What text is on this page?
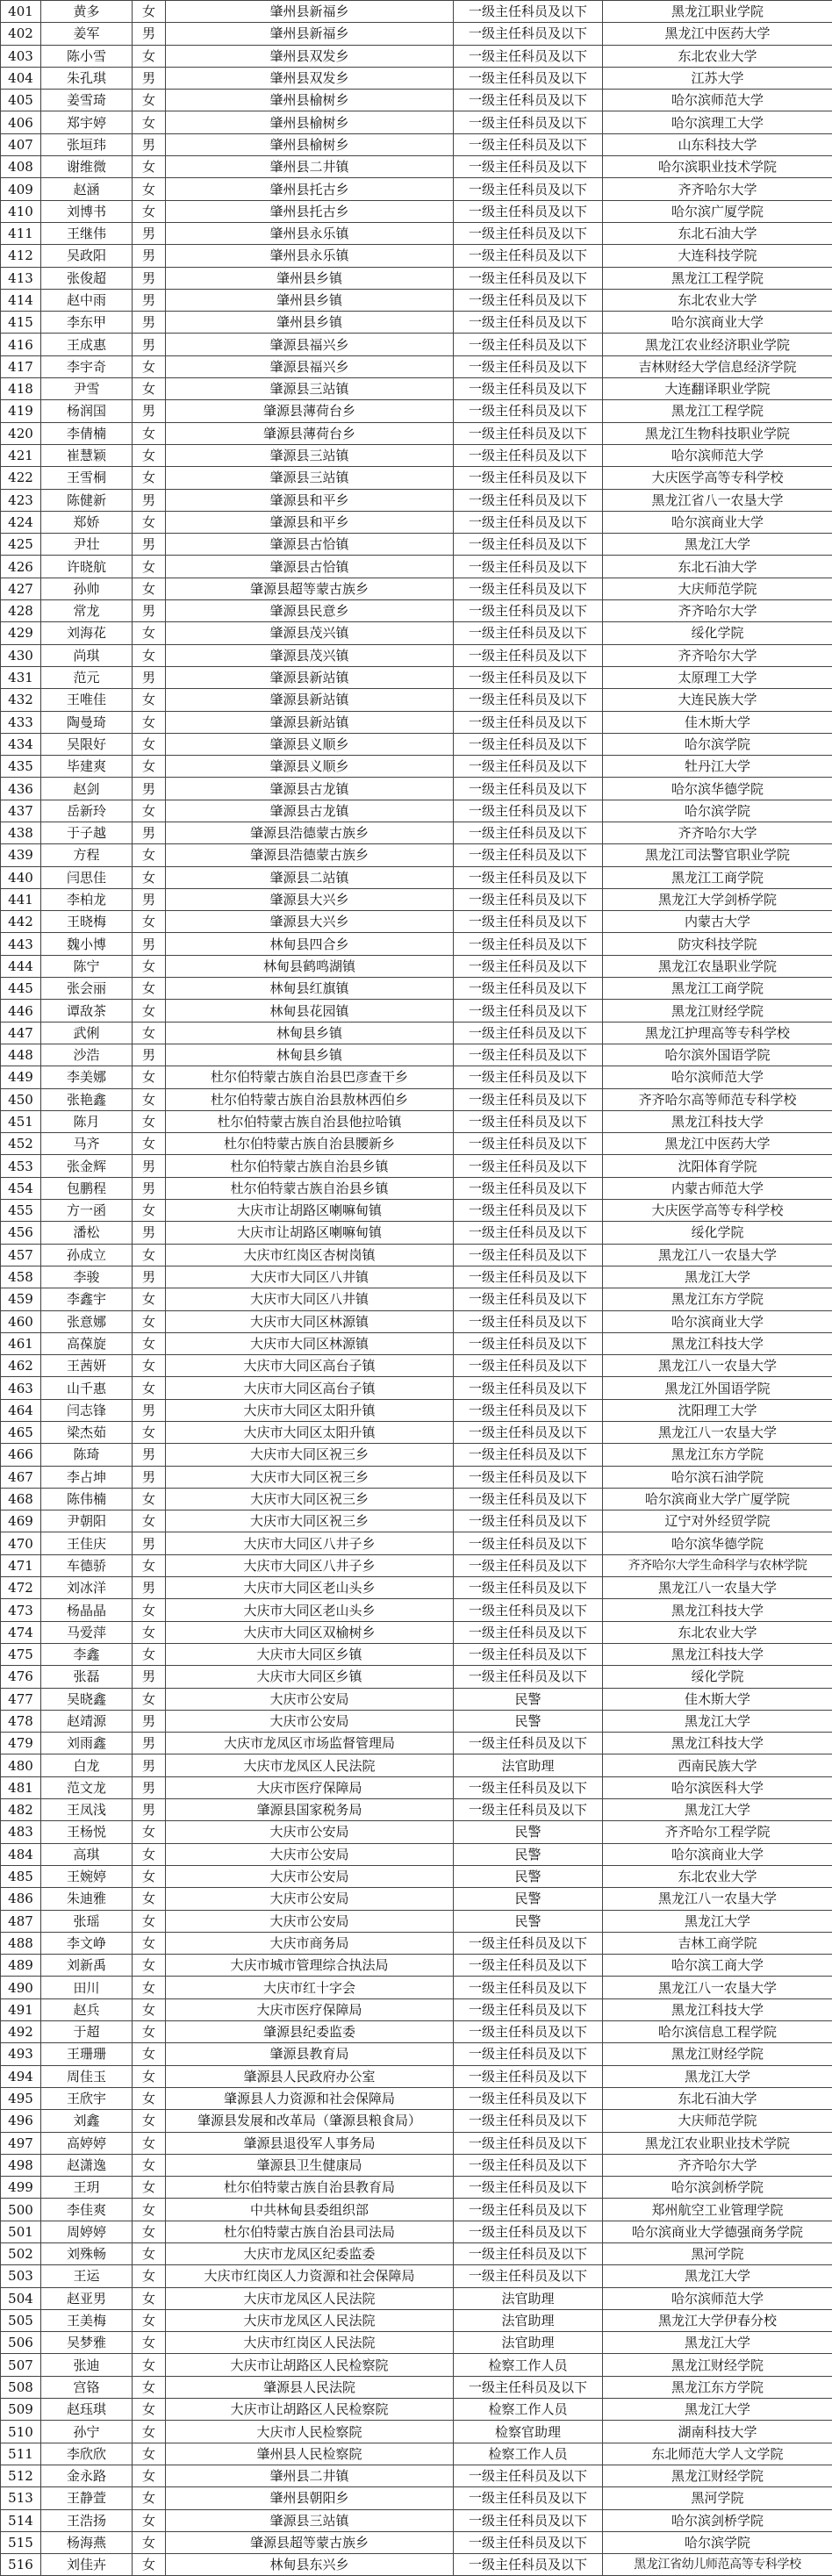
401	黄多	女	肇州县新福乡	一级主任科员及以下	黑龙江职业学院
402	姜军	男	肇州县新福乡	一级主任科员及以下	黑龙江中医药大学
403	陈小雪	女	肇州县双发乡	一级主任科员及以下	东北农业大学
404	朱孔琪	男	肇州县双发乡	一级主任科员及以下	江苏大学
405	姜雪琦	女	肇州县榆树乡	一级主任科员及以下	哈尔滨师范大学
406	郑宇婷	女	肇州县榆树乡	一级主任科员及以下	哈尔滨理工大学
407	张垣玮	男	肇州县榆树乡	一级主任科员及以下	山东科技大学
408	谢维微	女	肇州县二井镇	一级主任科员及以下	哈尔滨职业技术学院
409	赵涵	女	肇州县托古乡	一级主任科员及以下	齐齐哈尔大学
410	刘博书	女	肇州县托古乡	一级主任科员及以下	哈尔滨广厦学院
411	王继伟	男	肇州县永乐镇	一级主任科员及以下	东北石油大学
412	吴政阳	男	肇州县永乐镇	一级主任科员及以下	大连科技学院
413	张俊超	男	肇州县乡镇	一级主任科员及以下	黑龙江工程学院
414	赵中雨	男	肇州县乡镇	一级主任科员及以下	东北农业大学
415	李东甲	男	肇州县乡镇	一级主任科员及以下	哈尔滨商业大学
416	王成惠	男	肇源县福兴乡	一级主任科员及以下	黑龙江农业经济职业学院
417	李宇奇	女	肇源县福兴乡	一级主任科员及以下	吉林财经大学信息经济学院
418	尹雪	女	肇源县三站镇	一级主任科员及以下	大连翻译职业学院
419	杨润国	男	肇源县薄荷台乡	一级主任科员及以下	黑龙江工程学院
420	李倩楠	女	肇源县薄荷台乡	一级主任科员及以下	黑龙江生物科技职业学院
421	崔慧颖	女	肇源县三站镇	一级主任科员及以下	哈尔滨师范大学
422	王雪桐	女	肇源县三站镇	一级主任科员及以下	大庆医学高等专科学校
423	陈健新	男	肇源县和平乡	一级主任科员及以下	黑龙江省八一农垦大学
424	郑娇	女	肇源县和平乡	一级主任科员及以下	哈尔滨商业大学
425	尹壮	男	肇源县古恰镇	一级主任科员及以下	黑龙江大学
426	许晓航	女	肇源县古恰镇	一级主任科员及以下	东北石油大学
427	孙帅	女	肇源县超等蒙古族乡	一级主任科员及以下	大庆师范学院
428	常龙	男	肇源县民意乡	一级主任科员及以下	齐齐哈尔大学
429	刘海花	女	肇源县茂兴镇	一级主任科员及以下	绥化学院
430	尚琪	女	肇源县茂兴镇	一级主任科员及以下	齐齐哈尔大学
431	范元	男	肇源县新站镇	一级主任科员及以下	太原理工大学
432	王唯佳	女	肇源县新站镇	一级主任科员及以下	大连民族大学
433	陶曼琦	女	肇源县新站镇	一级主任科员及以下	佳木斯大学
434	吴限好	女	肇源县义顺乡	一级主任科员及以下	哈尔滨学院
435	毕建爽	女	肇源县义顺乡	一级主任科员及以下	牡丹江大学
436	赵剑	男	肇源县古龙镇	一级主任科员及以下	哈尔滨华德学院
437	岳新玲	女	肇源县古龙镇	一级主任科员及以下	哈尔滨学院
438	于子越	男	肇源县浩德蒙古族乡	一级主任科员及以下	齐齐哈尔大学
439	方程	女	肇源县浩德蒙古族乡	一级主任科员及以下	黑龙江司法警官职业学院
440	闫思佳	女	肇源县二站镇	一级主任科员及以下	黑龙江工商学院
441	李柏龙	男	肇源县大兴乡	一级主任科员及以下	黑龙江大学剑桥学院
442	王晓梅	女	肇源县大兴乡	一级主任科员及以下	内蒙古大学
443	魏小博	男	林甸县四合乡	一级主任科员及以下	防灾科技学院
444	陈宁	女	林甸县鹤鸣湖镇	一级主任科员及以下	黑龙江农垦职业学院
445	张会丽	女	林甸县红旗镇	一级主任科员及以下	黑龙江工商学院
446	谭敌茶	女	林甸县花园镇	一级主任科员及以下	黑龙江财经学院
447	武俐	女	林甸县乡镇	一级主任科员及以下	黑龙江护理高等专科学校
448	沙浩	男	林甸县乡镇	一级主任科员及以下	哈尔滨外国语学院
449	李美娜	女	杜尔伯特蒙古族自治县巴彦查干乡	一级主任科员及以下	哈尔滨师范大学
450	张艳鑫	女	杜尔伯特蒙古族自治县敖林西伯乡	一级主任科员及以下	齐齐哈尔高等师范专科学校
451	陈月	女	杜尔伯特蒙古族自治县他拉哈镇	一级主任科员及以下	黑龙江科技大学
452	马齐	女	杜尔伯特蒙古族自治县腰新乡	一级主任科员及以下	黑龙江中医药大学
453	张金辉	男	杜尔伯特蒙古族自治县乡镇	一级主任科员及以下	沈阳体育学院
454	包鹏程	男	杜尔伯特蒙古族自治县乡镇	一级主任科员及以下	内蒙古师范大学
455	方一函	女	大庆市让胡路区喇嘛甸镇	一级主任科员及以下	大庆医学高等专科学校
456	潘松	男	大庆市让胡路区喇嘛甸镇	一级主任科员及以下	绥化学院
457	孙成立	女	大庆市红岗区杏树岗镇	一级主任科员及以下	黑龙江八一农垦大学
458	李骏	男	大庆市大同区八井镇	一级主任科员及以下	黑龙江大学
459	李鑫宇	女	大庆市大同区八井镇	一级主任科员及以下	黑龙江东方学院
460	张意娜	女	大庆市大同区林源镇	一级主任科员及以下	哈尔滨商业大学
461	高葆旋	女	大庆市大同区林源镇	一级主任科员及以下	黑龙江科技大学
462	王茜妍	女	大庆市大同区高台子镇	一级主任科员及以下	黑龙江八一农垦大学
463	山千惠	女	大庆市大同区高台子镇	一级主任科员及以下	黑龙江外国语学院
464	闫志锋	男	大庆市大同区太阳升镇	一级主任科员及以下	沈阳理工大学
465	梁杰茹	女	大庆市大同区太阳升镇	一级主任科员及以下	黑龙江八一农垦大学
466	陈琦	男	大庆市大同区祝三乡	一级主任科员及以下	黑龙江东方学院
467	李占坤	男	大庆市大同区祝三乡	一级主任科员及以下	哈尔滨石油学院
468	陈伟楠	女	大庆市大同区祝三乡	一级主任科员及以下	哈尔滨商业大学广厦学院
469	尹朝阳	女	大庆市大同区祝三乡	一级主任科员及以下	辽宁对外经贸学院
470	王佳庆	男	大庆市大同区八井子乡	一级主任科员及以下	哈尔滨华德学院
471	车德骄	女	大庆市大同区八井子乡	一级主任科员及以下	齐齐哈尔大学生命科学与农林学院
472	刘冰洋	男	大庆市大同区老山头乡	一级主任科员及以下	黑龙江八一农垦大学
473	杨晶晶	女	大庆市大同区老山头乡	一级主任科员及以下	黑龙江科技大学
474	马爱萍	女	大庆市大同区双榆树乡	一级主任科员及以下	东北农业大学
475	李鑫	女	大庆市大同区乡镇	一级主任科员及以下	黑龙江科技大学
476	张磊	男	大庆市大同区乡镇	一级主任科员及以下	绥化学院
477	吴晓鑫	女	大庆市公安局	民警	佳木斯大学
478	赵靖源	男	大庆市公安局	民警	黑龙江大学
479	刘雨鑫	男	大庆市龙凤区市场监督管理局	一级主任科员及以下	黑龙江科技大学
480	白龙	男	大庆市龙凤区人民法院	法官助理	西南民族大学
481	范文龙	男	大庆市医疗保障局	一级主任科员及以下	哈尔滨医科大学
482	王凤浅	男	肇源县国家税务局	一级主任科员及以下	黑龙江大学
483	王杨悦	女	大庆市公安局	民警	齐齐哈尔工程学院
484	高琪	女	大庆市公安局	民警	哈尔滨商业大学
485	王婉婷	女	大庆市公安局	民警	东北农业大学
486	朱迪雅	女	大庆市公安局	民警	黑龙江八一农垦大学
487	张瑶	女	大庆市公安局	民警	黑龙江大学
488	李文峥	女	大庆市商务局	一级主任科员及以下	吉林工商学院
489	刘新禹	女	大庆市城市管理综合执法局	一级主任科员及以下	哈尔滨工商大学
490	田川	女	大庆市红十字会	一级主任科员及以下	黑龙江八一农垦大学
491	赵兵	女	大庆市医疗保障局	一级主任科员及以下	黑龙江科技大学
492	于超	女	肇源县纪委监委	一级主任科员及以下	哈尔滨信息工程学院
493	王珊珊	女	肇源县教育局	一级主任科员及以下	黑龙江财经学院
494	周佳玉	女	肇源县人民政府办公室	一级主任科员及以下	黑龙江大学
495	王欣宇	女	肇源县人力资源和社会保障局	一级主任科员及以下	东北石油大学
496	刘鑫	女	肇源县发展和改革局（肇源县粮食局）	一级主任科员及以下	大庆师范学院
497	高婷婷	女	肇源县退役军人事务局	一级主任科员及以下	黑龙江农业职业技术学院
498	赵潇逸	女	肇源县卫生健康局	一级主任科员及以下	齐齐哈尔大学
499	王玥	女	杜尔伯特蒙古族自治县教育局	一级主任科员及以下	哈尔滨剑桥学院
500	李佳爽	女	中共林甸县委组织部	一级主任科员及以下	郑州航空工业管理学院
501	周婷婷	女	杜尔伯特蒙古族自治县司法局	一级主任科员及以下	哈尔滨商业大学德强商务学院
502	刘殊畅	女	大庆市龙凤区纪委监委	一级主任科员及以下	黑河学院
503	王运	女	大庆市红岗区人力资源和社会保障局	一级主任科员及以下	黑龙江大学
504	赵亚男	女	大庆市龙凤区人民法院	法官助理	哈尔滨师范大学
505	王美梅	女	大庆市龙凤区人民法院	法官助理	黑龙江大学伊春分校
506	吴梦雅	女	大庆市红岗区人民法院	法官助理	黑龙江大学
507	张迪	女	大庆市让胡路区人民检察院	检察工作人员	黑龙江财经学院
508	宫铬	女	肇源县人民法院	一级主任科员及以下	黑龙江东方学院
509	赵珏琪	女	大庆市让胡路区人民检察院	检察工作人员	黑龙江大学
510	孙宁	女	大庆市人民检察院	检察官助理	湖南科技大学
511	李欣欣	女	肇州县人民检察院	检察工作人员	东北师范大学人文学院
512	金永路	女	肇州县二井镇	一级主任科员及以下	黑龙江财经学院
513	王静萱	女	肇州县朝阳乡	一级主任科员及以下	黑河学院
514	王浩扬	女	肇源县三站镇	一级主任科员及以下	哈尔滨剑桥学院
515	杨海燕	女	肇源县超等蒙古族乡	一级主任科员及以下	哈尔滨学院
516	刘佳卉	女	林甸县东兴乡	一级主任科员及以下	黑龙江省幼儿师范高等专科学校
